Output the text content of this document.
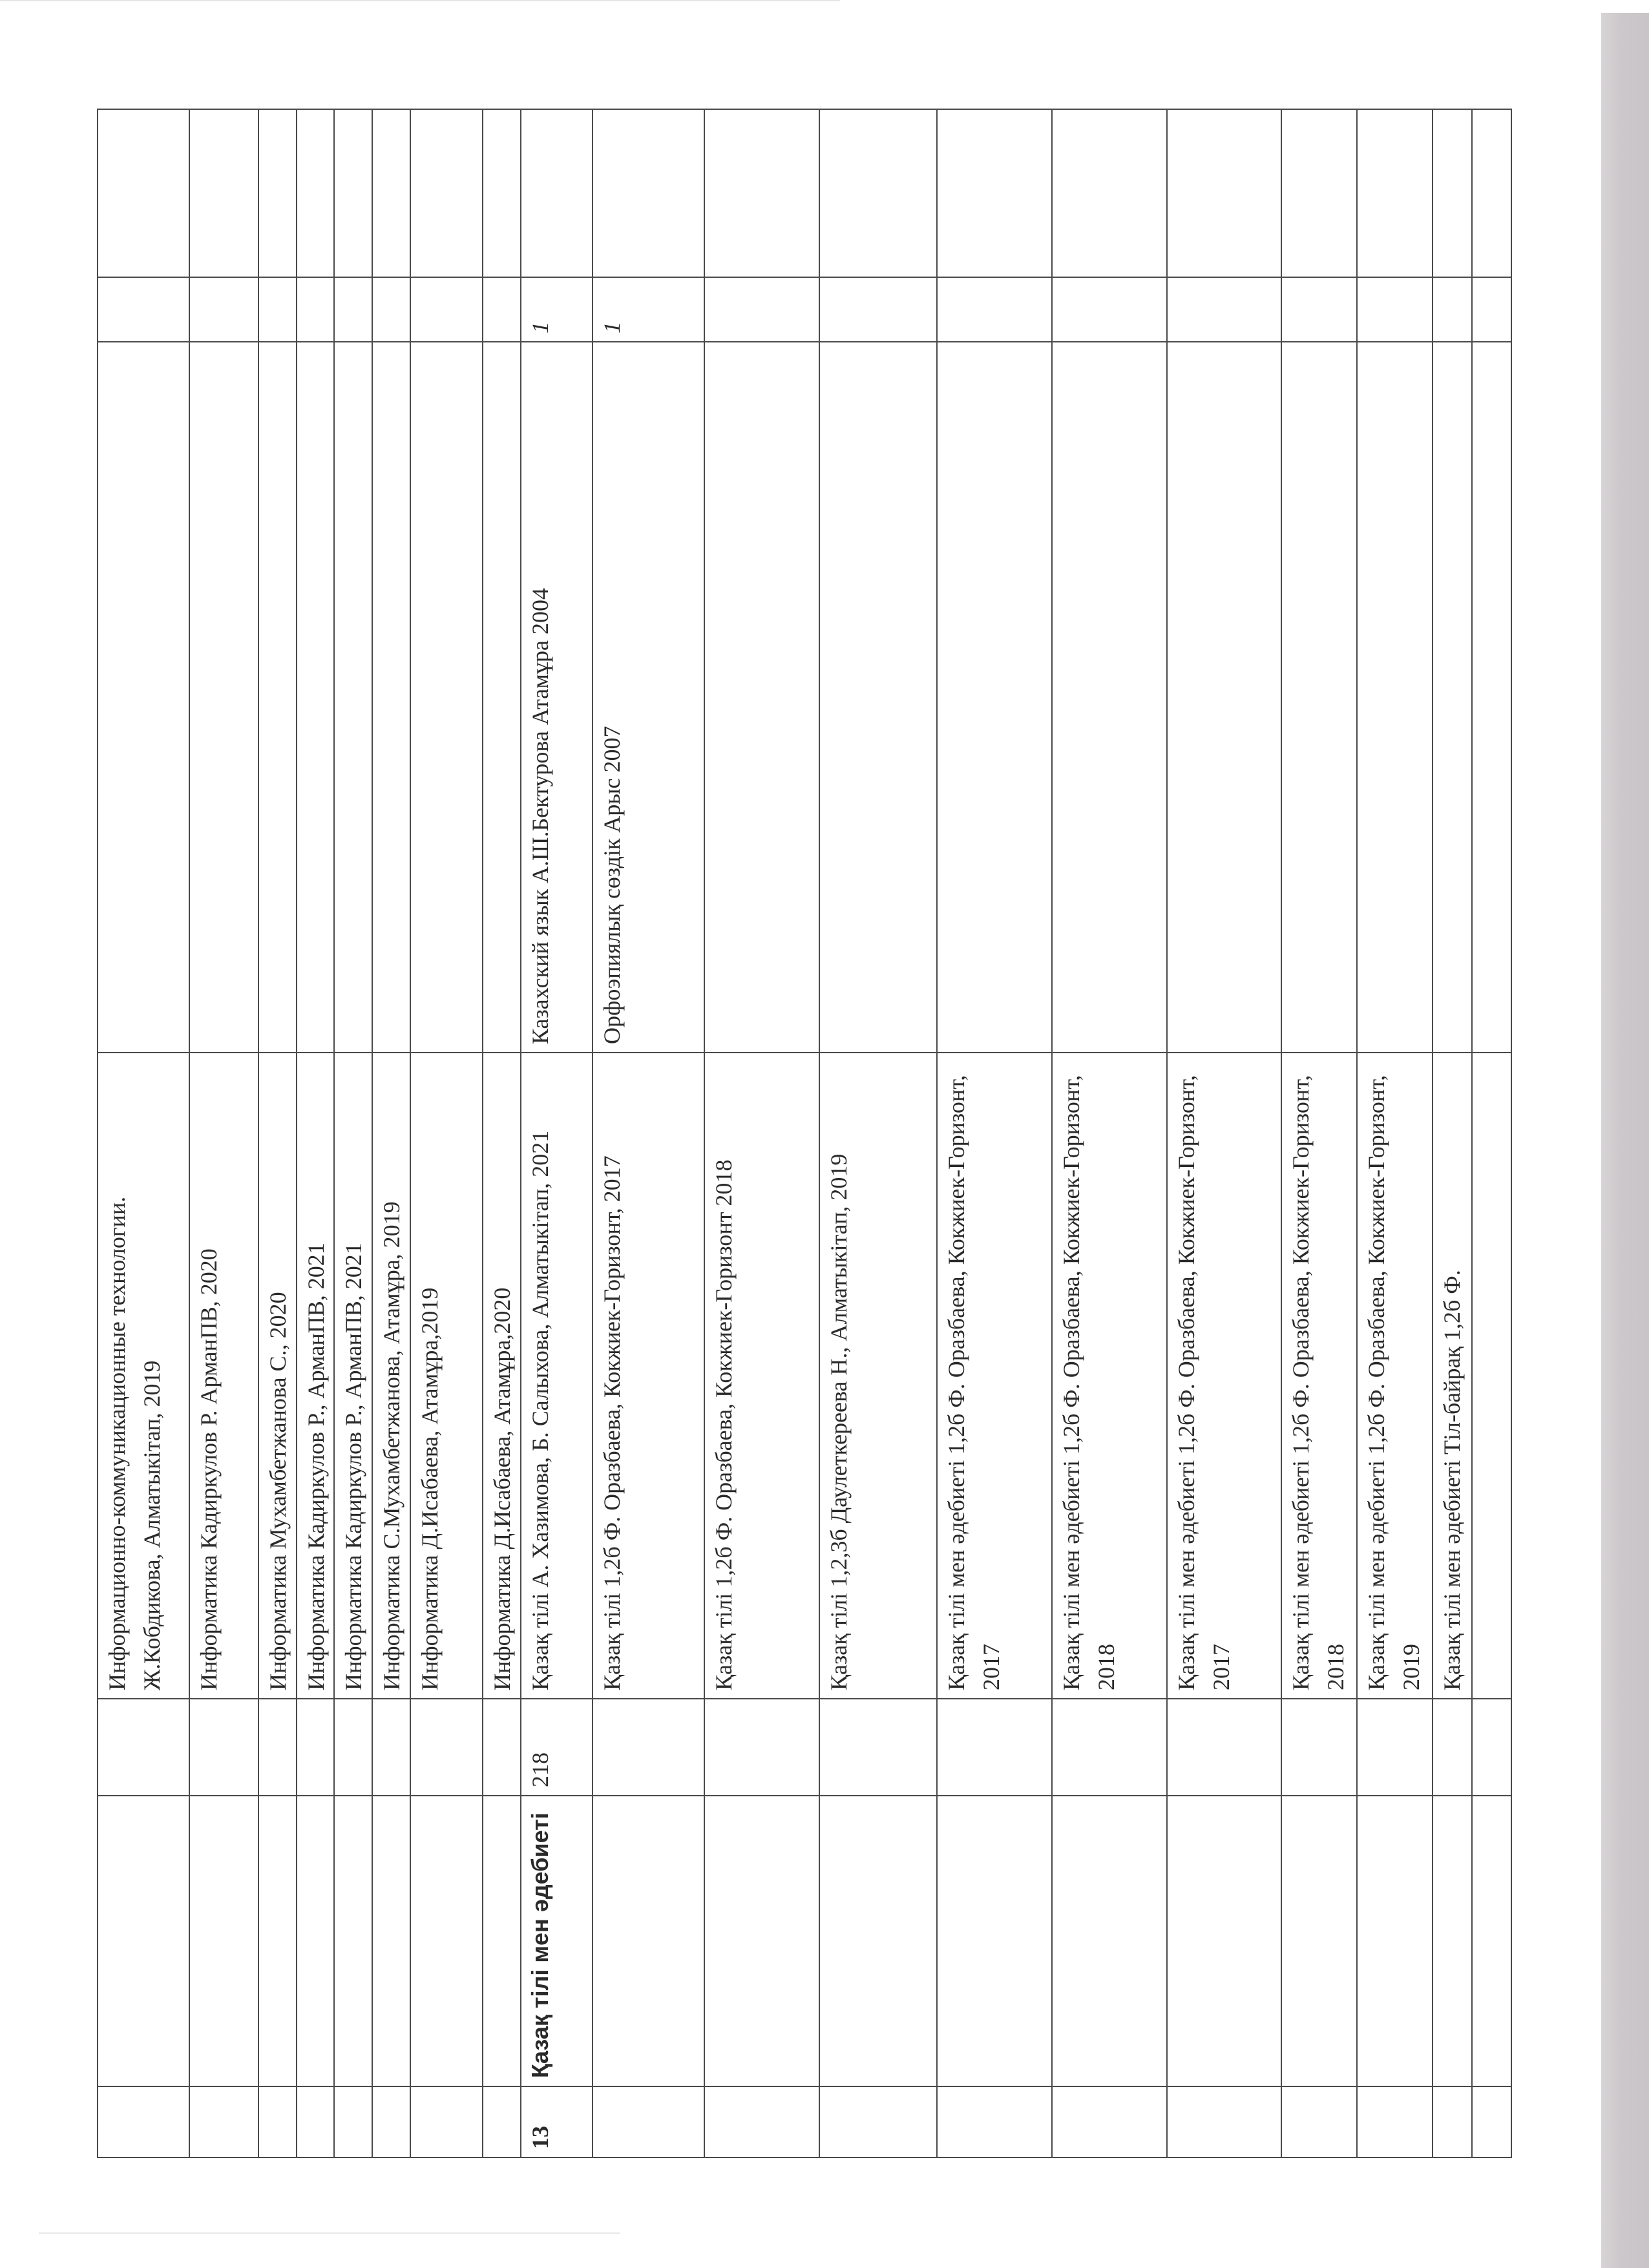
			Информационно-коммуникационные технологии. Ж.Кобдикова, Алматыкітап, 2019			
			Информатика Кадиркулов Р. АрманПВ, 2020			
			Информатика Мухамбетжанова С., 2020			
			Информатика Кадиркулов Р., АрманПВ, 2021			
			Информатика Кадиркулов Р., АрманПВ, 2021			
			Информатика С.Мухамбетжанова, Атамұра, 2019			
			Информатика Д.Исабаева, Атамұра,2019			
			Информатика Д.Исабаева, Атамұра,2020			
13	Қазақ тілі мен әдебиеті	218	Қазақ тілі А. Хазимова, Б. Салыхова, Алматыкітап, 2021	Казахский язык А.Ш.Бектурова Атамұра 2004	1	
			Қазақ тілі 1,2б Ф. Оразбаева, Кокжиек-Горизонт, 2017	Орфоэпиялық сөздік Арыс 2007	1	
			Қазақ тілі 1,2б Ф. Оразбаева, Кокжиек-Горизонт 2018			
			Қазақ тілі 1,2,3б Даулеткереева Н., Алматыкітап, 2019			
			Қазақ тілі мен әдебиеті 1,2б Ф. Оразбаева, Кокжиек-Горизонт, 2017			
			Қазақ тілі мен әдебиеті 1,2б Ф. Оразбаева, Кокжиек-Горизонт, 2018			
			Қазақ тілі мен әдебиеті 1,2б Ф. Оразбаева, Кокжиек-Горизонт, 2017			
			Қазақ тілі мен әдебиеті 1,2б Ф. Оразбаева, Кокжиек-Горизонт, 2018			
			Қазақ тілі мен әдебиеті 1,2б Ф. Оразбаева, Кокжиек-Горизонт, 2019			
			Қазақ тілі мен әдебиеті Тіл-байрақ 1,2б Ф.			
